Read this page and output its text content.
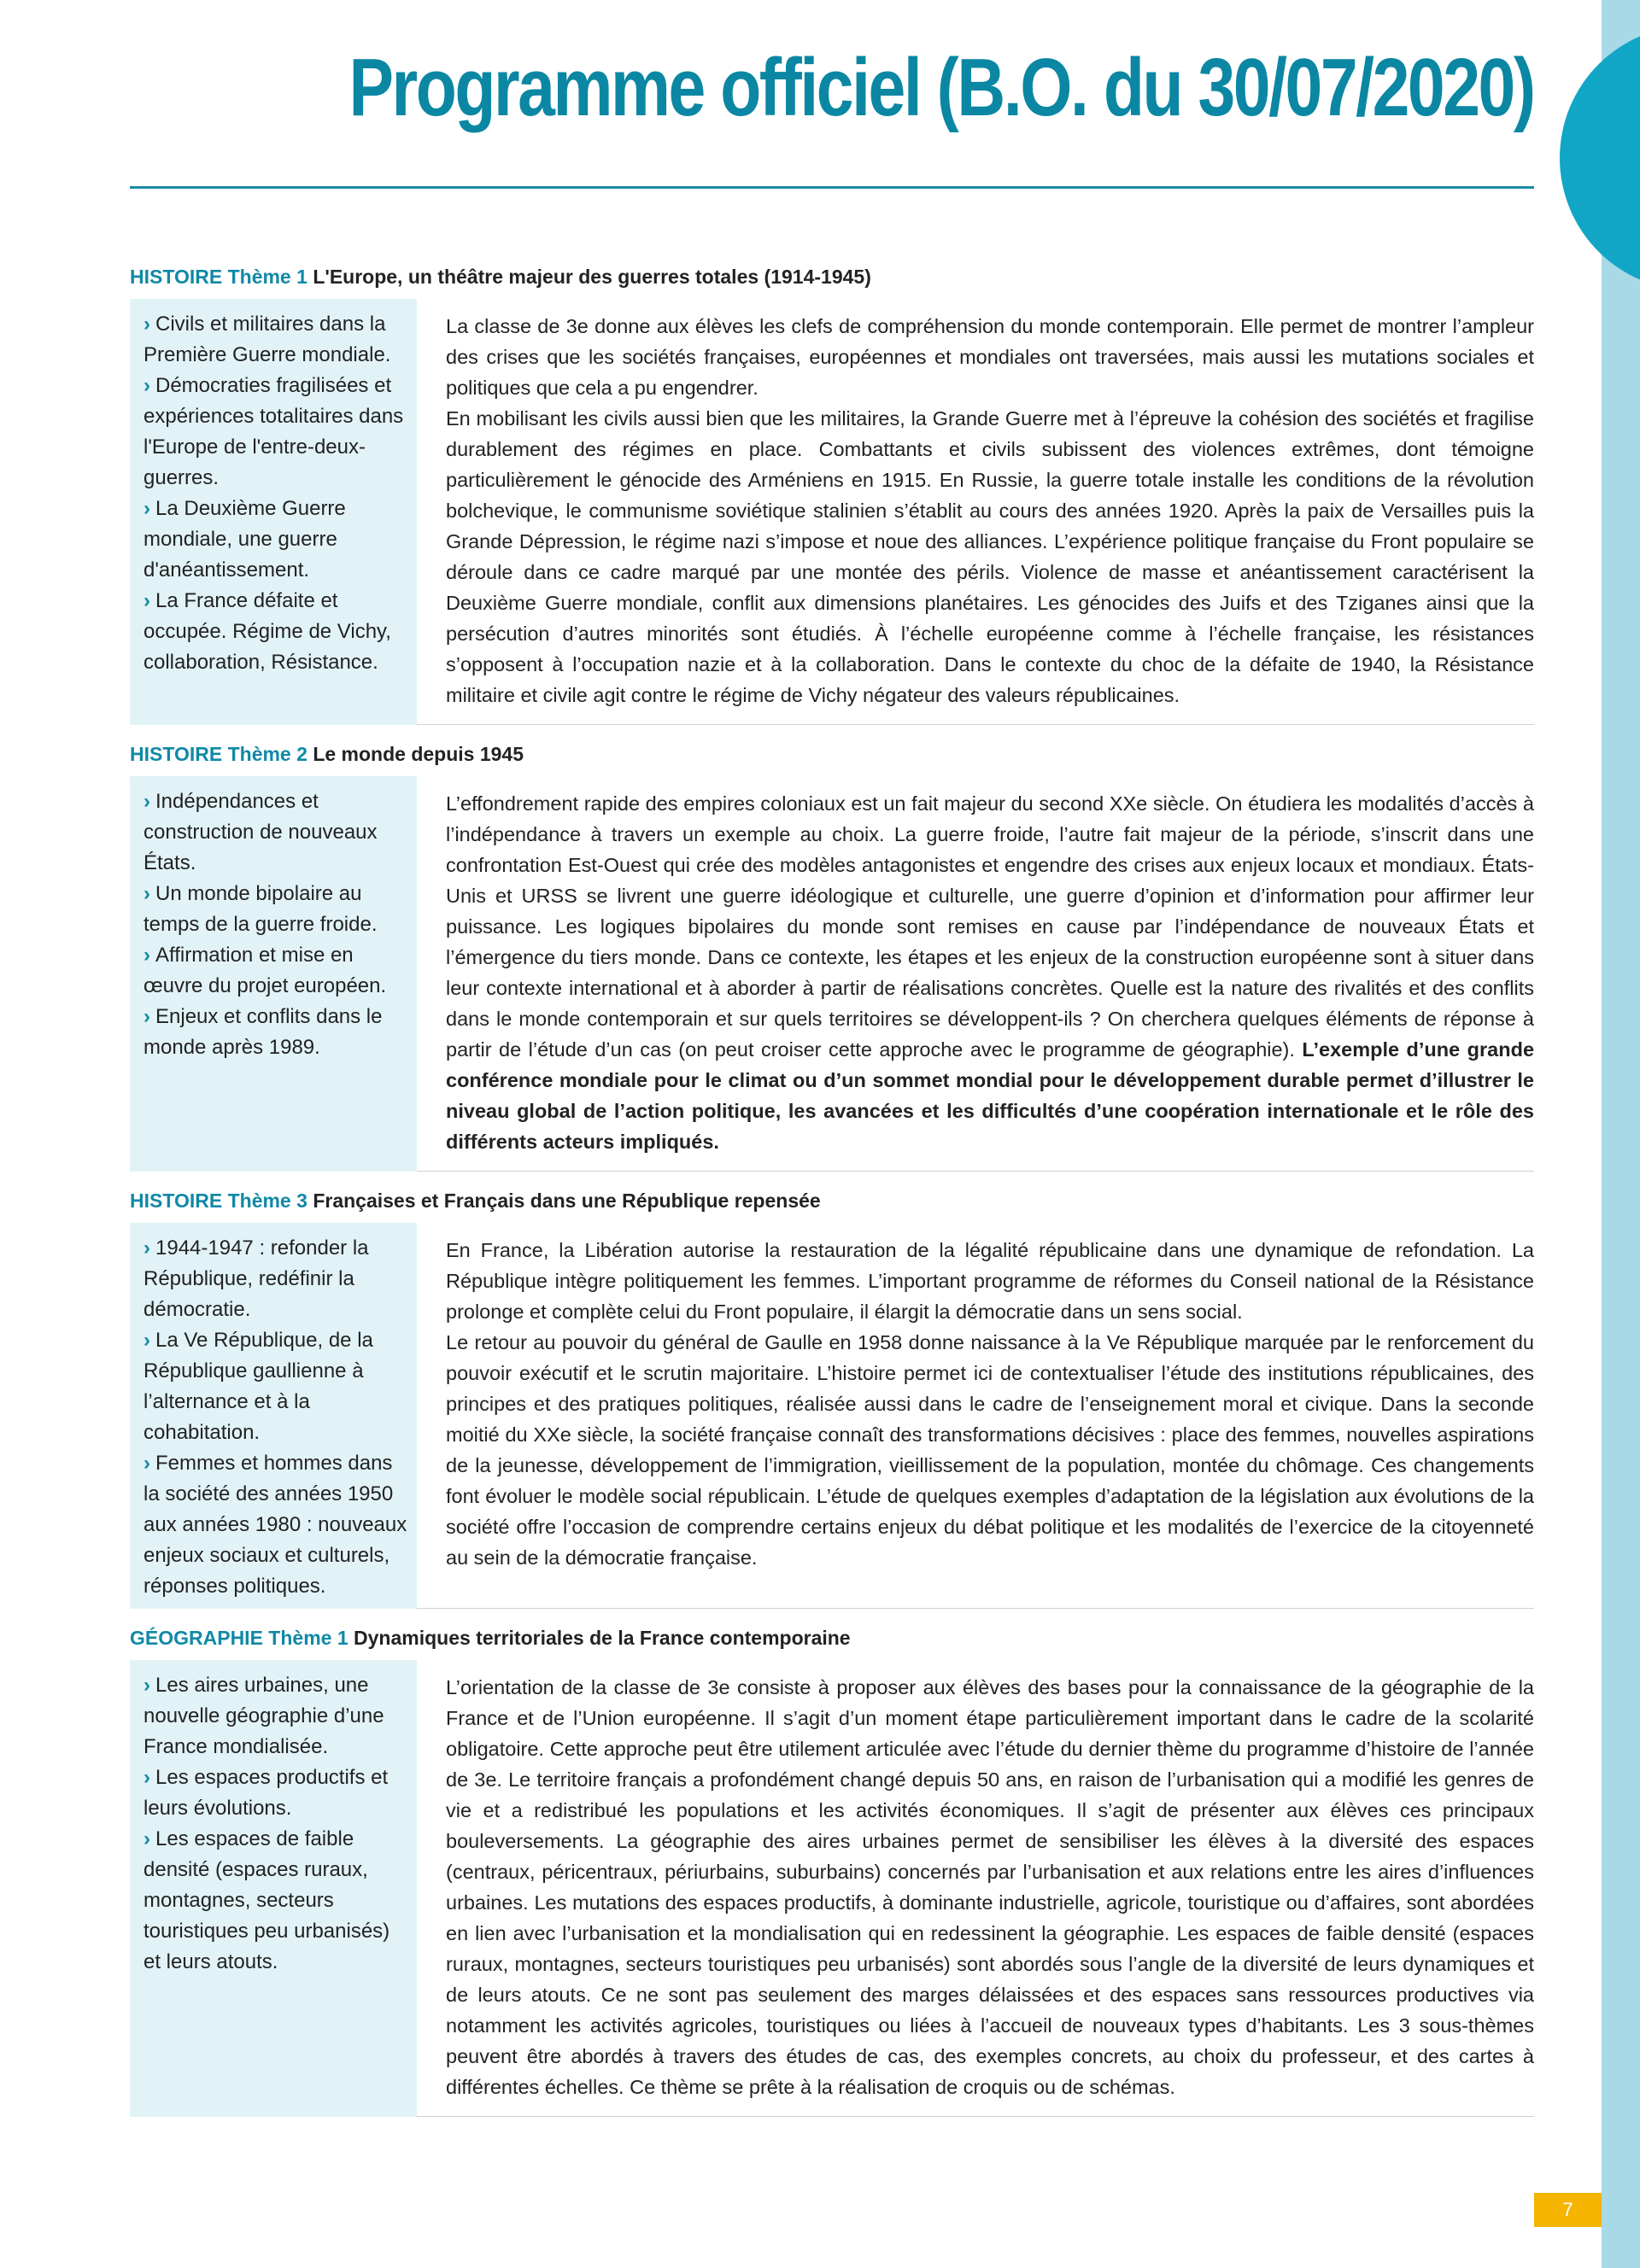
Programme officiel (B.O. du 30/07/2020)
HISTOIRE Thème 1 L'Europe, un théâtre majeur des guerres totales (1914-1945)
› Civils et militaires dans la Première Guerre mondiale.
› Démocraties fragilisées et expériences totalitaires dans l'Europe de l'entre-deux-guerres.
› La Deuxième Guerre mondiale, une guerre d'anéantissement.
› La France défaite et occupée. Régime de Vichy, collaboration, Résistance.

La classe de 3e donne aux élèves les clefs de compréhension du monde contemporain. Elle permet de montrer l’ampleur des crises que les sociétés françaises, européennes et mondiales ont traversées, mais aussi les mutations sociales et politiques que cela a pu engendrer.

En mobilisant les civils aussi bien que les militaires, la Grande Guerre met à l’épreuve la cohésion des sociétés et fragilise durablement des régimes en place. Combattants et civils subissent des violences extrêmes, dont témoigne particulièrement le génocide des Arméniens en 1915. En Russie, la guerre totale installe les conditions de la révolution bolchevique, le communisme soviétique stalinien s’établit au cours des années 1920. Après la paix de Versailles puis la Grande Dépression, le régime nazi s’impose et noue des alliances. L’expérience politique française du Front populaire se déroule dans ce cadre marqué par une montée des périls. Violence de masse et anéantissement caractérisent la Deuxième Guerre mondiale, conflit aux dimensions planétaires. Les génocides des Juifs et des Tziganes ainsi que la persécution d’autres minorités sont étudiés. À l’échelle européenne comme à l’échelle française, les résistances s’opposent à l’occupation nazie et à la collaboration. Dans le contexte du choc de la défaite de 1940, la Résistance militaire et civile agit contre le régime de Vichy négateur des valeurs républicaines.

HISTOIRE Thème 2 Le monde depuis 1945
› Indépendances et construction de nouveaux États.
› Un monde bipolaire au temps de la guerre froide.
› Affirmation et mise en œuvre du projet européen.
› Enjeux et conflits dans le monde après 1989.

L’effondrement rapide des empires coloniaux est un fait majeur du second XXe siècle. On étudiera les modalités d’accès à l’indépendance à travers un exemple au choix. La guerre froide, l’autre fait majeur de la période, s’inscrit dans une confrontation Est-Ouest qui crée des modèles antagonistes et engendre des crises aux enjeux locaux et mondiaux. États-Unis et URSS se livrent une guerre idéologique et culturelle, une guerre d’opinion et d’information pour affirmer leur puissance. Les logiques bipolaires du monde sont remises en cause par l’indépendance de nouveaux États et l’émergence du tiers monde. Dans ce contexte, les étapes et les enjeux de la construction européenne sont à situer dans leur contexte international et à aborder à partir de réalisations concrètes. Quelle est la nature des rivalités et des conflits dans le monde contemporain et sur quels territoires se développent-ils ? On cherchera quelques éléments de réponse à partir de l’étude d’un cas (on peut croiser cette approche avec le programme de géographie). L’exemple d’une grande conférence mondiale pour le climat ou d’un sommet mondial pour le développement durable permet d’illustrer le niveau global de l’action politique, les avancées et les difficultés d’une coopération internationale et le rôle des différents acteurs impliqués.

HISTOIRE Thème 3 Françaises et Français dans une République repensée
› 1944-1947 : refonder la République, redéfinir la démocratie.
› La Ve République, de la République gaullienne à l’alternance et à la cohabitation.
› Femmes et hommes dans la société des années 1950 aux années 1980 : nouveaux enjeux sociaux et culturels, réponses politiques.

En France, la Libération autorise la restauration de la légalité républicaine dans une dynamique de refondation. La République intègre politiquement les femmes. L’important programme de réformes du Conseil national de la Résistance prolonge et complète celui du Front populaire, il élargit la démocratie dans un sens social.

Le retour au pouvoir du général de Gaulle en 1958 donne naissance à la Ve République marquée par le renforcement du pouvoir exécutif et le scrutin majoritaire. L’histoire permet ici de contextualiser l’étude des institutions républicaines, des principes et des pratiques politiques, réalisée aussi dans le cadre de l’enseignement moral et civique. Dans la seconde moitié du XXe siècle, la société française connaît des transformations décisives : place des femmes, nouvelles aspirations de la jeunesse, développement de l’immigration, vieillissement de la population, montée du chômage. Ces changements font évoluer le modèle social républicain. L’étude de quelques exemples d’adaptation de la législation aux évolutions de la société offre l’occasion de comprendre certains enjeux du débat politique et les modalités de l’exercice de la citoyenneté au sein de la démocratie française.

GÉOGRAPHIE Thème 1 Dynamiques territoriales de la France contemporaine
› Les aires urbaines, une nouvelle géographie d’une France mondialisée.
› Les espaces productifs et leurs évolutions.
› Les espaces de faible densité (espaces ruraux, montagnes, secteurs touristiques peu urbanisés) et leurs atouts.

L’orientation de la classe de 3e consiste à proposer aux élèves des bases pour la connaissance de la géographie de la France et de l’Union européenne. Il s’agit d’un moment étape particulièrement important dans le cadre de la scolarité obligatoire. Cette approche peut être utilement articulée avec l’étude du dernier thème du programme d’histoire de l’année de 3e. Le territoire français a profondément changé depuis 50 ans, en raison de l’urbanisation qui a modifié les genres de vie et a redistribué les populations et les activités économiques. Il s’agit de présenter aux élèves ces principaux bouleversements. La géographie des aires urbaines permet de sensibiliser les élèves à la diversité des espaces (centraux, péricentraux, périurbains, suburbains) concernés par l’urbanisation et aux relations entre les aires d’influences urbaines. Les mutations des espaces productifs, à dominante industrielle, agricole, touristique ou d’affaires, sont abordées en lien avec l’urbanisation et la mondialisation qui en redessinent la géographie. Les espaces de faible densité (espaces ruraux, montagnes, secteurs touristiques peu urbanisés) sont abordés sous l’angle de la diversité de leurs dynamiques et de leurs atouts. Ce ne sont pas seulement des marges délaissées et des espaces sans ressources productives via notamment les activités agricoles, touristiques ou liées à l’accueil de nouveaux types d’habitants. Les 3 sous-thèmes peuvent être abordés à travers des études de cas, des exemples concrets, au choix du professeur, et des cartes à différentes échelles. Ce thème se prête à la réalisation de croquis ou de schémas.

7
